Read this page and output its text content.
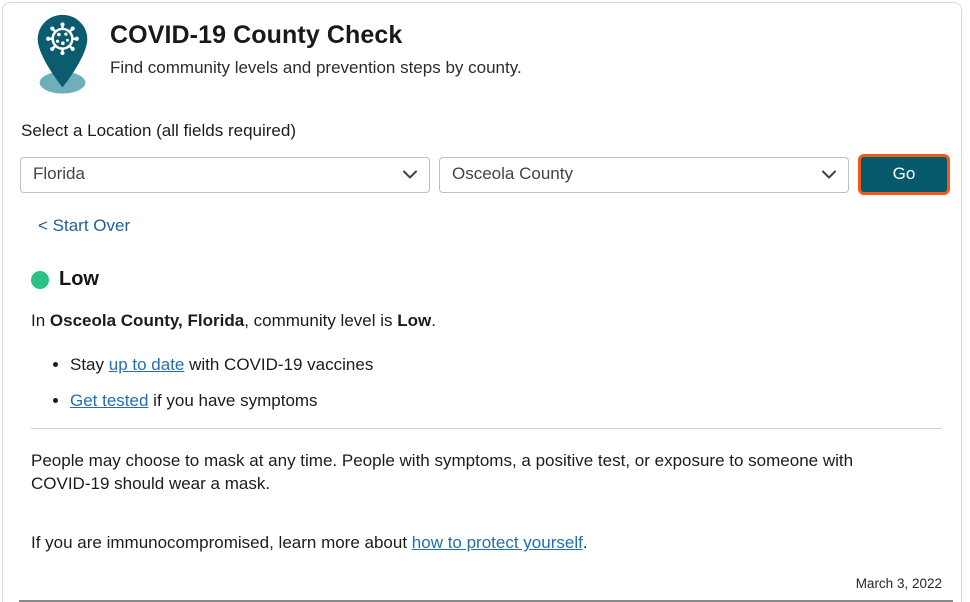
COVID-19 County Check

Find community levels and prevention steps by county.

Select a Location (all fields required)
Florida
Osceola County
Go
< Start Over
Low

In Osceola County, Florida, community level is Low.

• Stay up to date with COVID-19 vaccines
• Get tested if you have symptoms

People may choose to mask at any time. People with symptoms, a positive test, or exposure to someone with COVID-19 should wear a mask.

If you are immunocompromised, learn more about how to protect yourself.

March 3, 2022
